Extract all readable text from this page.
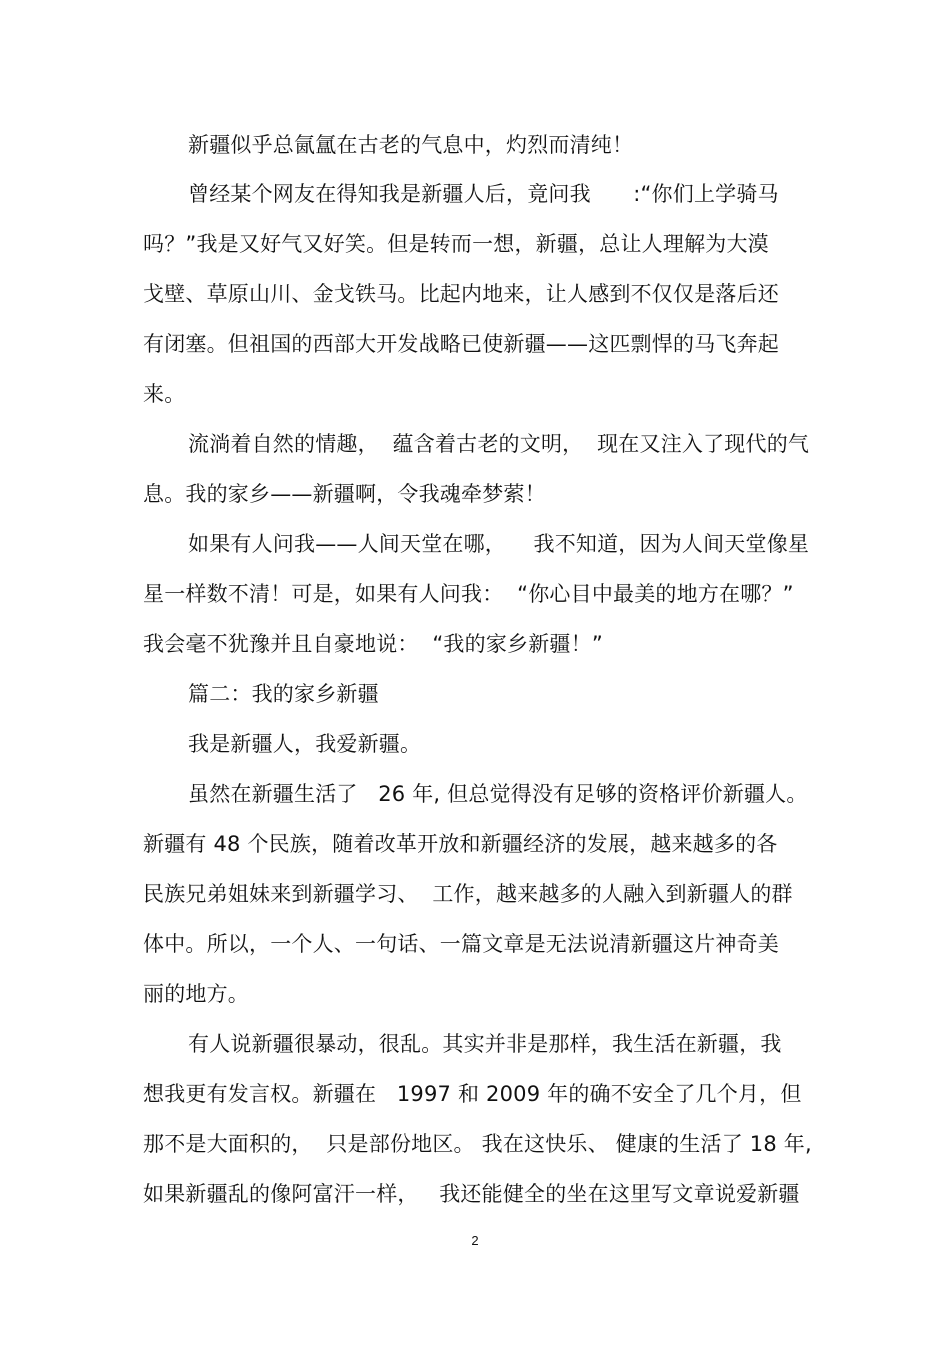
新疆似乎总氤氲在古老的气息中，灼烈而清纯！
曾经某个网友在得知我是新疆人后，竟问我　　:“你们上学骑马
吗？”我是又好气又好笑。但是转而一想，新疆，总让人理解为大漠
戈壁、草原山川、金戈铁马。比起内地来，让人感到不仅仅是落后还
有闭塞。但祖国的西部大开发战略已使新疆——这匹剽悍的马飞奔起
来。
流淌着自然的情趣，  蕴含着古老的文明，  现在又注入了现代的气
息。我的家乡——新疆啊，令我魂牵梦萦！
如果有人问我——人间天堂在哪，    我不知道，因为人间天堂像星
星一样数不清！可是，如果有人问我：  “你心目中最美的地方在哪？”
我会毫不犹豫并且自豪地说：  “我的家乡新疆！”
篇二：我的家乡新疆
我是新疆人，我爱新疆。
虽然在新疆生活了   26 年, 但总觉得没有足够的资格评价新疆人。
新疆有 48 个民族，随着改革开放和新疆经济的发展，越来越多的各
民族兄弟姐妹来到新疆学习、  工作，越来越多的人融入到新疆人的群
体中。所以，一个人、一句话、一篇文章是无法说清新疆这片神奇美
丽的地方。
有人说新疆很暴动，很乱。其实并非是那样，我生活在新疆，我
想我更有发言权。新疆在   1997 和 2009 年的确不安全了几个月，但
那不是大面积的，  只是部份地区。 我在这快乐、 健康的生活了 18 年,
如果新疆乱的像阿富汗一样，   我还能健全的坐在这里写文章说爱新疆
2
